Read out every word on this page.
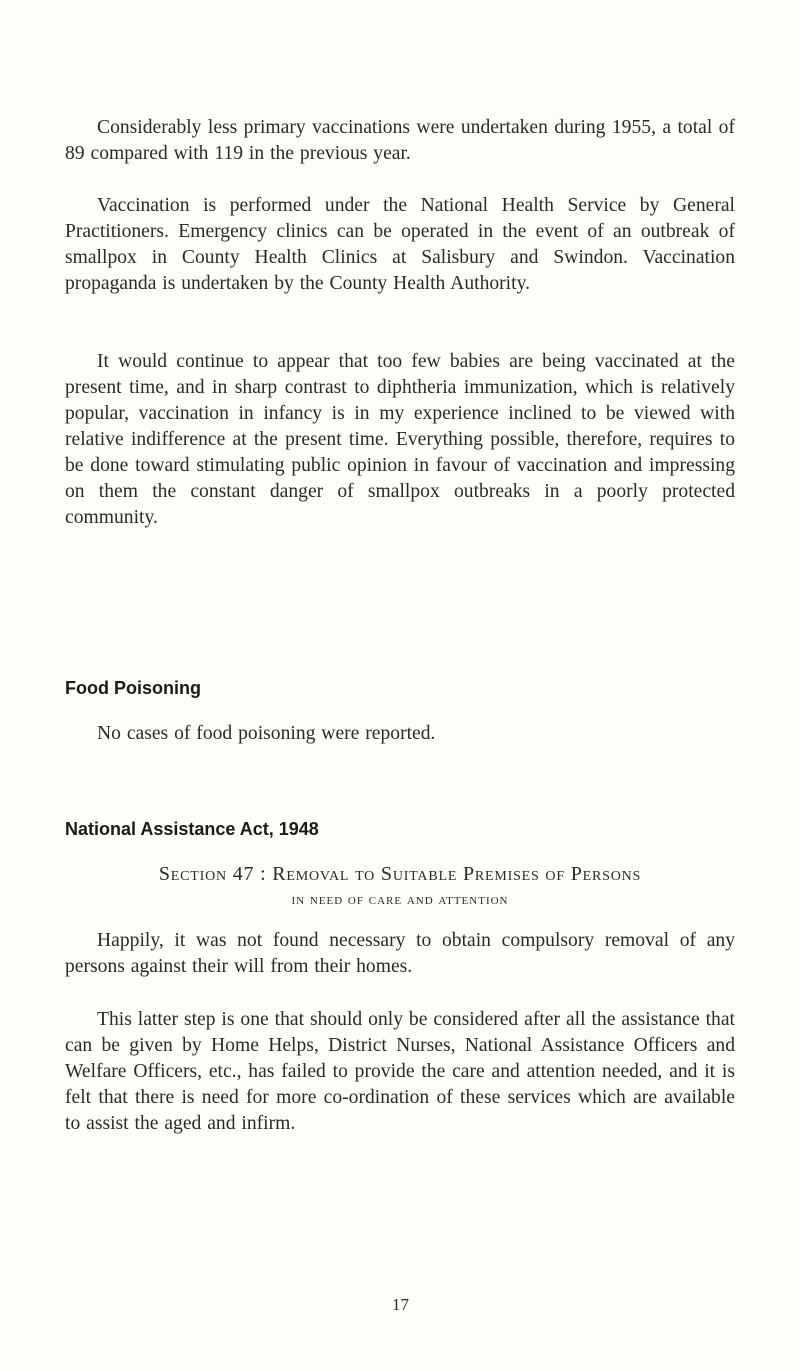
Considerably less primary vaccinations were undertaken during 1955, a total of 89 compared with 119 in the previous year.

Vaccination is performed under the National Health Service by General Practitioners. Emergency clinics can be operated in the event of an outbreak of smallpox in County Health Clinics at Salisbury and Swindon. Vaccination propaganda is undertaken by the County Health Authority.

It would continue to appear that too few babies are being vaccinated at the present time, and in sharp contrast to diphtheria immunization, which is relatively popular, vaccination in infancy is in my experience inclined to be viewed with relative indifference at the present time. Everything possible, therefore, requires to be done toward stimulating public opinion in favour of vaccination and impressing on them the constant danger of smallpox outbreaks in a poorly protected community.

Food Poisoning

No cases of food poisoning were reported.

National Assistance Act, 1948

Section 47 : Removal to Suitable Premises of Persons
in need of care and attention

Happily, it was not found necessary to obtain compulsory removal of any persons against their will from their homes.

This latter step is one that should only be considered after all the assistance that can be given by Home Helps, District Nurses, National Assistance Officers and Welfare Officers, etc., has failed to provide the care and attention needed, and it is felt that there is need for more co-ordination of these services which are available to assist the aged and infirm.

17
